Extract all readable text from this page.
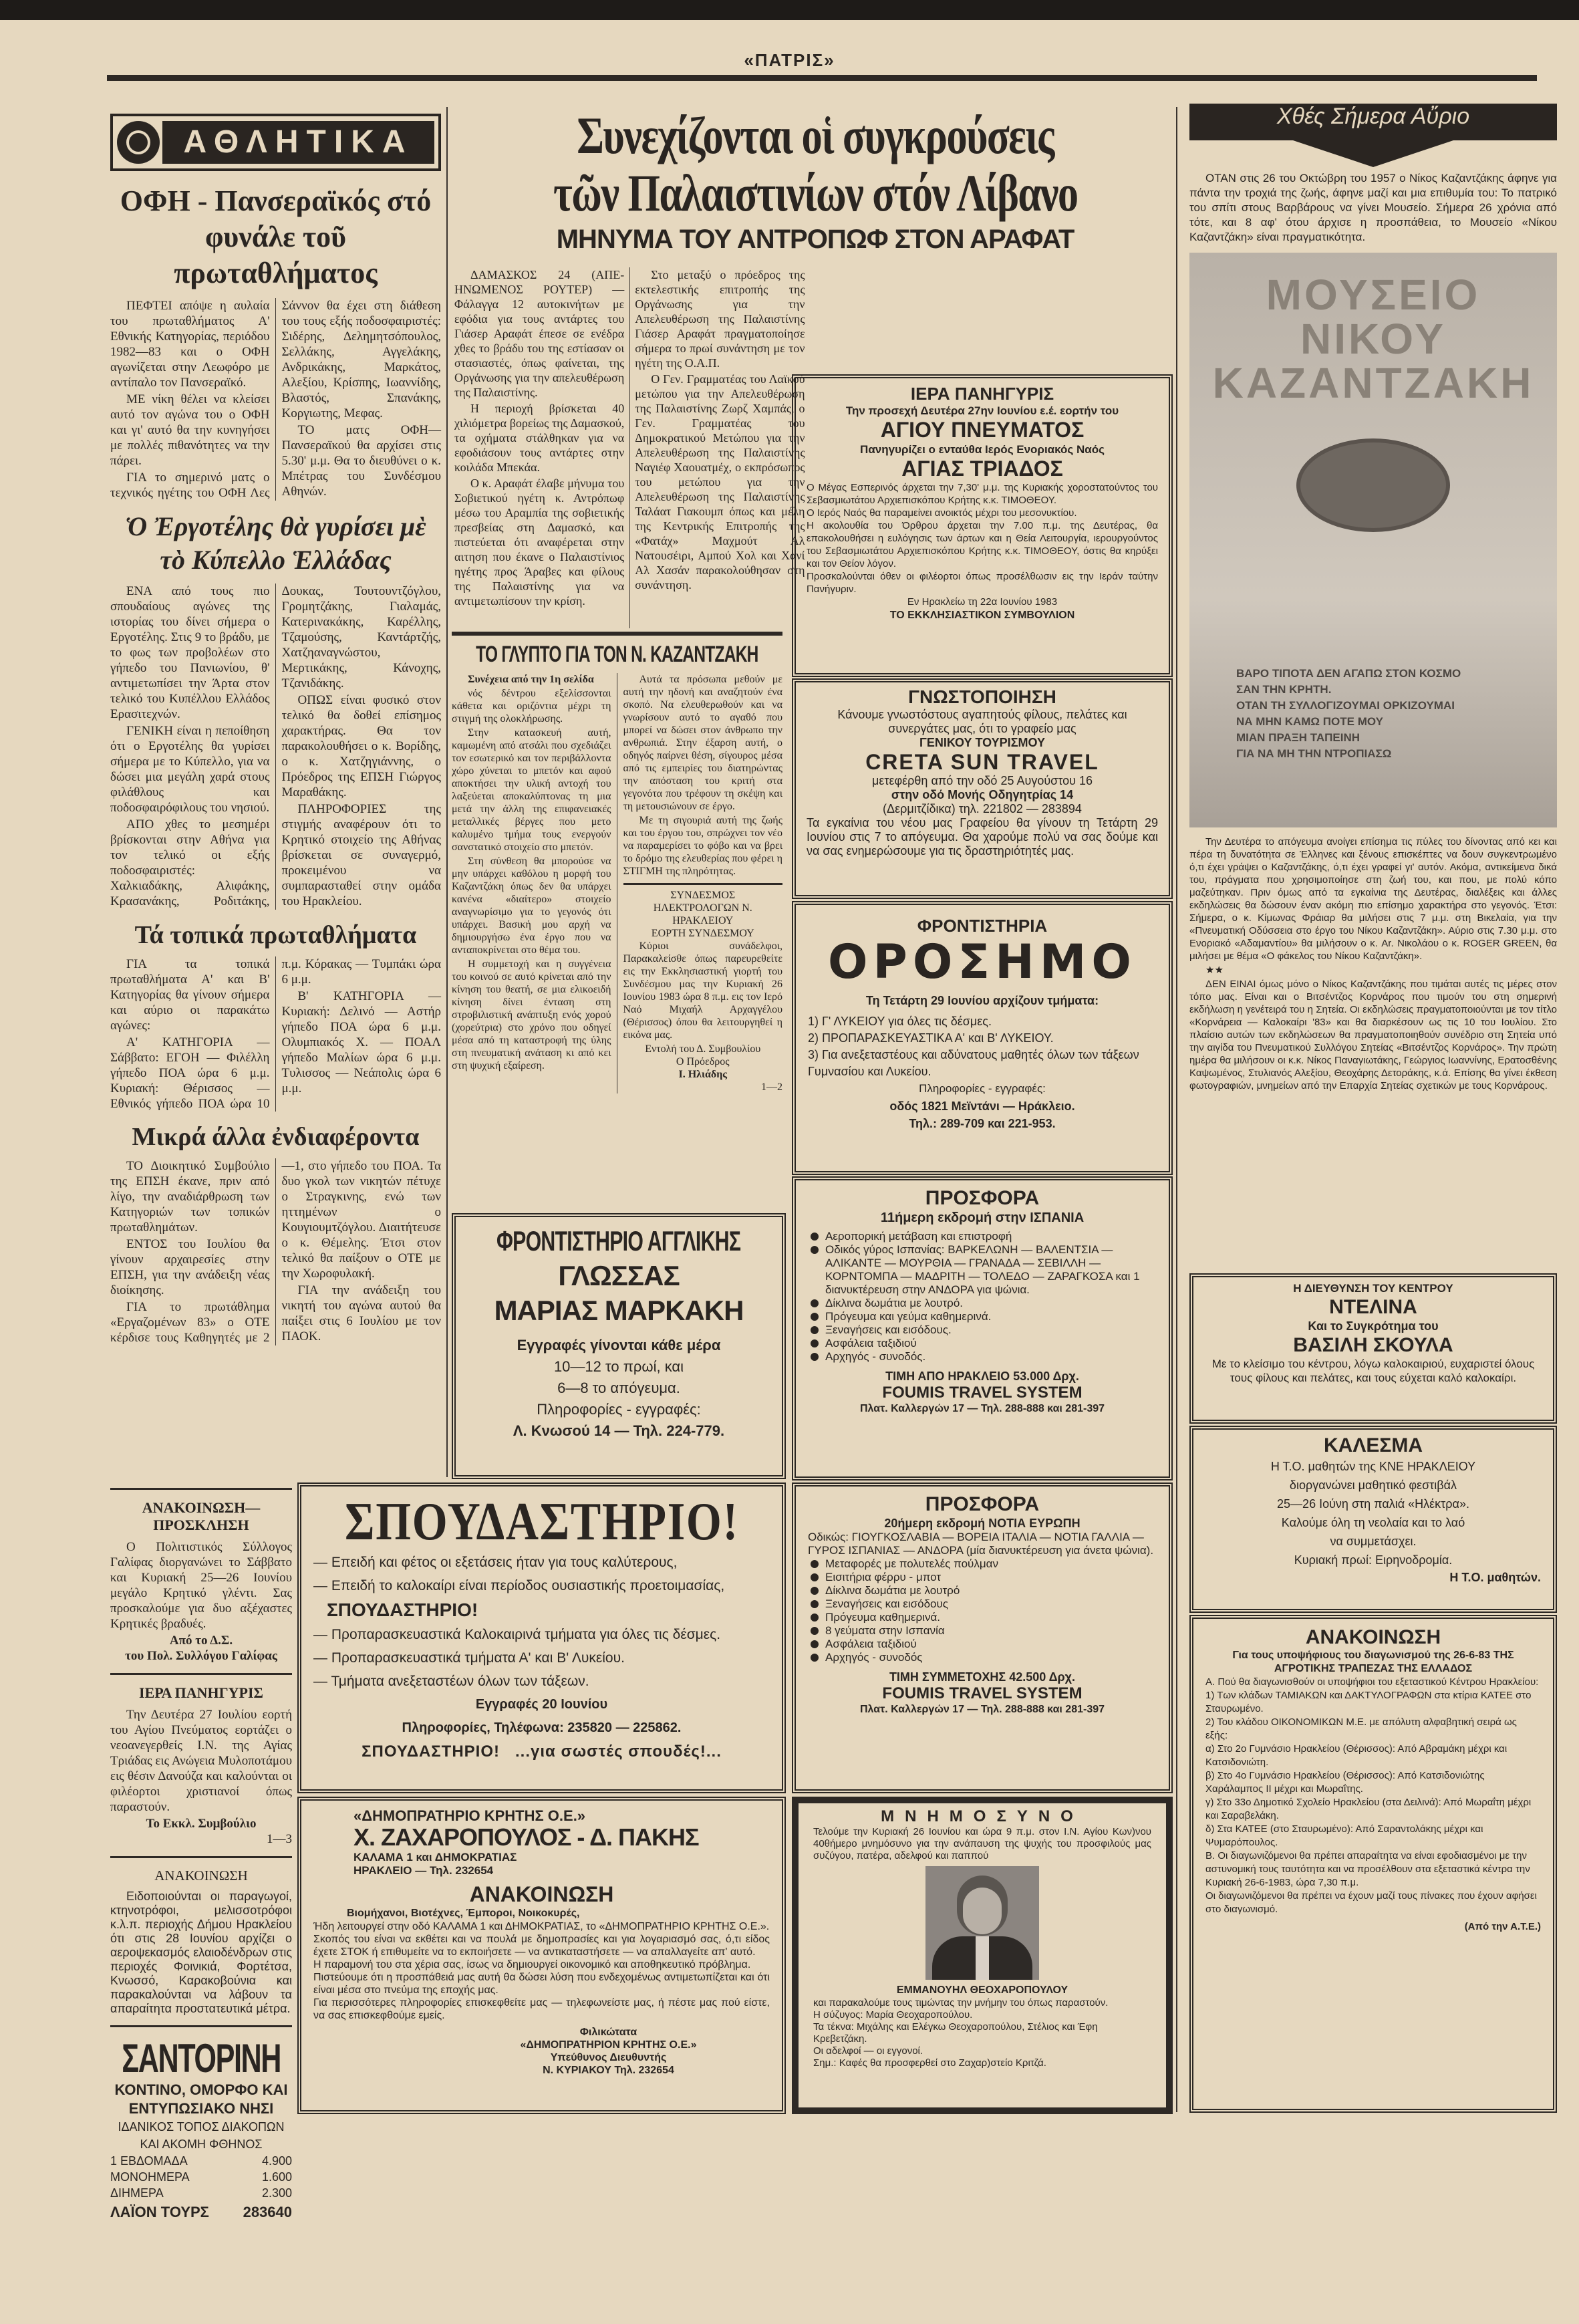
«ΠΑΤΡΙΣ»
ΑΘΛΗΤΙΚΑ
ΟΦΗ - Πανσεραϊκός στό φυνάλε τοῦ πρωταθλήματος

ΠΕΦΤΕΙ απόψε η αυλαία του πρωταθλήματος Α' Εθνικής Κατηγορίας, περιόδου 1982—83 και ο ΟΦΗ αγωνίζεται στην Λεωφόρο με αντίπαλο τον Πανσεραϊκό.

ΜΕ νίκη θέλει να κλείσει αυτό τον αγώνα του ο ΟΦΗ και γι' αυτό θα την κυνηγήσει με πολλές πιθανότητες να την πάρει.

ΓΙΑ το σημερινό ματς ο τεχνικός ηγέτης του ΟΦΗ Λες Σάννον θα έχει στη διάθεση του τους εξής ποδοσφαιριστές: Σιδέρης, Δελημητσόπουλος, Σελλάκης, Αγγελάκης, Ανδρικάκης, Μαρκάτος, Αλεξίου, Κρίσπης, Ιωαννίδης, Βλαστός, Σπανάκης, Κοργιωτης, Μεφας.

ΤΟ ματς ΟΦΗ—Πανσεραϊκού θα αρχίσει στις 5.30' μ.μ. Θα το διευθύνει ο κ. Μπέτρας του Συνδέσμου Αθηνών.

Ὁ Ἐργοτέλης θὰ γυρίσει μὲ τὸ Κύπελλο Ἑλλάδας

ΕΝΑ από τους πιο σπουδαίους αγώνες της ιστορίας του δίνει σήμερα ο Εργοτέλης. Στις 9 το βράδυ, με το φως των προβολέων στο γήπεδο του Πανιωνίου, θ' αντιμετωπίσει την Άρτα στον τελικό του Κυπέλλου Ελλάδος Ερασιτεχνών.

ΓΕΝΙΚΗ είναι η πεποίθηση ότι ο Εργοτέλης θα γυρίσει σήμερα με το Κύπελλο, για να δώσει μια μεγάλη χαρά στους φιλάθλους και ποδοσφαιρόφιλους του νησιού.

ΑΠΟ χθες το μεσημέρι βρίσκονται στην Αθήνα για τον τελικό οι εξής ποδοσφαιριστές: Χαλκιαδάκης, Αλιφάκης, Κρασανάκης, Ροδιτάκης, Δουκας, Τουτουντζόγλου, Γρομητζάκης, Γιαλαμάς, Κατερινακάκης, Καρέλλης, Τζαμούσης, Καντάρτζής, Χατζηαναγνώστου, Μερτικάκης, Κάνοχης, Τζανιδάκης.

ΟΠΩΣ είναι φυσικό στον τελικό θα δοθεί επίσημος χαρακτήρας. Θα τον παρακολουθήσει ο κ. Βορίδης, ο κ. Χατζηγιάννης, ο Πρόεδρος της ΕΠΣΗ Γιώργος Μαραθάκης.

ΠΛΗΡΟΦΟΡΙΕΣ της στιγμής αναφέρουν ότι το Κρητικό στοιχείο της Αθήνας βρίσκεται σε συναγερμό, προκειμένου να συμπαρασταθεί στην ομάδα του Ηρακλείου.

Τά τοπικά πρωταθλήματα

ΓΙΑ τα τοπικά πρωταθλήματα Α' και Β' Κατηγορίας θα γίνουν σήμερα και αύριο οι παρακάτω αγώνες:

Α' ΚΑΤΗΓΟΡΙΑ — Σάββατο: ΕΓΟΗ — Φιλέλλη γήπεδο ΠΟΑ ώρα 6 μ.μ. Κυριακή: Θέρισσος — Εθνικός γήπεδο ΠΟΑ ώρα 10 π.μ. Κόρακας — Τυμπάκι ώρα 6 μ.μ.

Β' ΚΑΤΗΓΟΡΙΑ — Κυριακή: Δελινό — Αστήρ γήπεδο ΠΟΑ ώρα 6 μ.μ. Ολυμπιακός Χ. — ΠΟΑΛ γήπεδο Μαλίων ώρα 6 μ.μ. Τυλισσος — Νεάπολις ώρα 6 μ.μ.

Μικρά άλλα ἐνδιαφέροντα

ΤΟ Διοικητικό Συμβούλιο της ΕΠΣΗ έκανε, πριν από λίγο, την αναδιάρθρωση των Κατηγοριών των τοπικών πρωταθλημάτων.

ΕΝΤΟΣ του Ιουλίου θα γίνουν αρχαιρεσίες στην ΕΠΣΗ, για την ανάδειξη νέας διοίκησης.

ΓΙΑ το πρωτάθλημα «Εργαζομένων 83» ο ΟΤΕ κέρδισε τους Καθηγητές με 2—1, στο γήπεδο του ΠΟΑ. Τα δυο γκολ των νικητών πέτυχε ο Στραγκινης, ενώ των ηττημένων ο Κουγιουμτζόγλου. Διαιτήτευσε ο κ. Θέμελης. Έτσι στον τελικό θα παίξουν ο ΟΤΕ με την Χωροφυλακή.

ΓΙΑ την ανάδειξη του νικητή του αγώνα αυτού θα παίξει στις 6 Ιουλίου με τον ΠΑΟΚ.

ΑΝΑΚΟΙΝΩΣΗ— ΠΡΟΣΚΛΗΣΗ

Ο Πολιτιστικός Σύλλογος Γαλίφας διοργανώνει το Σάββατο και Κυριακή 25—26 Ιουνίου μεγάλο Κρητικό γλέντι. Σας προσκαλούμε για δυο αξέχαστες Κρητικές βραδυές.

Από το Δ.Σ.
του Πολ. Συλλόγου Γαλίφας
ΙΕΡΑ ΠΑΝΗΓΥΡΙΣ

Την Δευτέρα 27 Ιουλίου εορτή του Αγίου Πνεύματος εορτάζει ο νεοανεγερθείς Ι.Ν. της Αγίας Τριάδας εις Ανώγεια Μυλοποτάμου εις θέσιν Δανούζα και καλούνται οι φιλέορτοι χριστιανοί όπως παραστούν.

Το Εκκλ. Συμβούλιο
1—3
ΑΝΑΚΟΙΝΩΣΗ

Ειδοποιούνται οι παραγωγοί, κτηνοτρόφοι, μελισσοτρόφοι κ.λ.π. περιοχής Δήμου Ηρακλείου ότι στις 28 Ιουνίου αρχίζει ο αεροψεκασμός ελαιοδένδρων στις περιοχές Φοινικιά, Φορτέτσα, Κνωσσό, Καρακοβούνια και παρακαλούνται να λάβουν τα απαραίτητα προστατευτικά μέτρα.

ΣΑΝΤΟΡΙΝΗ
ΚΟΝΤΙΝΟ, ΟΜΟΡΦΟ ΚΑΙ
ΕΝΤΥΠΩΣΙΑΚΟ ΝΗΣΙ
ΙΔΑΝΙΚΟΣ ΤΟΠΟΣ ΔΙΑΚΟΠΩΝ
ΚΑΙ ΑΚΟΜΗ ΦΘΗΝΟΣ
1 ΕΒΔΟΜΑΔΑ	4.900
ΜΟΝΟΗΜΕΡΑ	1.600
ΔΙΗΜΕΡΑ	2.300
ΛΑΪΟΝ ΤΟΥΡΣ 283640
Συνεχίζονται οἱ συγκρούσεις
τῶν Παλαιστινίων στόν Λίβανο
ΜΗΝΥΜΑ ΤΟΥ ΑΝΤΡΟΠΩΦ ΣΤΟΝ ΑΡΑΦΑΤ

ΔΑΜΑΣΚΟΣ 24 (ΑΠΕ-ΗΝΩΜΕΝΟΣ ΡΟΥΤΕΡ) — Φάλαγγα 12 αυτοκινήτων με εφόδια για τους αντάρτες του Γιάσερ Αραφάτ έπεσε σε ενέδρα χθες το βράδυ του της εστίασαν οι στασιαστές, όπως φαίνεται, της Οργάνωσης για την απελευθέρωση της Παλαιστίνης.

Η περιοχή βρίσκεται 40 χιλιόμετρα βορείως της Δαμασκού, τα οχήματα στάλθηκαν για να εφοδιάσουν τους αντάρτες στην κοιλάδα Μπεκάα.

Ο κ. Αραφάτ έλαβε μήνυμα του Σοβιετικού ηγέτη κ. Αντρόπωφ μέσω του Αραμπία της σοβιετικής πρεσβείας στη Δαμασκό, και πιστεύεται ότι αναφέρεται στην αιτηση που έκανε ο Παλαιστίνιος ηγέτης προς Άραβες και φίλους της Παλαιστίνης για να αντιμετωπίσουν την κρίση.

Στο μεταξύ ο πρόεδρος της εκτελεστικής επιτροπής της Οργάνωσης για την Απελευθέρωση της Παλαιστίνης Γιάσερ Αραφάτ πραγματοποίησε σήμερα το πρωί συνάντηση με τον ηγέτη της Ο.Α.Π.

Ο Γεν. Γραμματέας του Λαϊκού μετώπου για την Απελευθέρωση της Παλαιστίνης Ζωρζ Χαμπάς, ο Γεν. Γραμματέας του Δημοκρατικού Μετώπου για την Απελευθέρωση της Παλαιστίνης Ναγιέφ Χαουατμέχ, ο εκπρόσωπος του μετώπου για την Απελευθέρωση της Παλαιστίνης Ταλάατ Γιακουμπ όπως και μέλη της Κεντρικής Επιτροπής της «Φατάχ» Μαχμούτ Αλ Νατουσέιρι, Αμπού Χολ και Χανί Αλ Χασάν παρακολούθησαν στη συνάντηση.

ΤΟ ΓΛΥΠΤΟ ΓΙΑ ΤΟΝ Ν. ΚΑΖΑΝΤΖΑΚΗ

Συνέχεια από την 1η σελίδα

νός δέντρου εξελίσσονται κάθετα και οριζόντια μέχρι τη στιγμή της ολοκλήρωσης.

Στην κατασκευή αυτή, καμωμένη από ατσάλι που σχεδιάζει τον εσωτερικό και τον περιβάλλοντα χώρο χύνεται το μπετόν και αφού αποκτήσει την υλική αντοχή του λαξεύεται αποκαλύπτονας τη μια μετά την άλλη της επιφανειακές μεταλλικές βέργες που μετο καλυμένο τμήμα τους ενεργούν σανστατικό στοιχείο στο μπετόν.

Στη σύνθεση θα μπορούσε να μην υπάρχει καθόλου η μορφή του Καζαντζάκη όπως δεν θα υπάρχει κανένα «διαίτερο» στοιχείο αναγνωρίσιμο για το γεγονός ότι υπάρχει. Βασική μου αρχή να δημιουργήσω ένα έργο που να ανταποκρίνεται στο θέμα του.

Η συμμετοχή και η συγγένεια του κοινού σε αυτό κρίνεται από την κίνηση του θεατή, σε μια ελικοειδή κίνηση δίνει ένταση στη στροβιλιστική ανάπτυξη ενός χορού (χορεύτρια) στο χρόνο που οδηγεί μέσα από τη καταστροφή της ύλης στη πνευματική ανάταση κι από κει στη ψυχική εξαίρεση.

Αυτά τα πρόσωπα μεθούν με αυτή την ηδονή και αναζητούν ένα σκοπό. Να ελευθερωθούν και να γνωρίσουν αυτό το αγαθό που μπορεί να δώσει στον άνθρωπο την ανθρωπιά. Στην έξαρση αυτή, ο οδηγός παίρνει θέση, σίγουρος μέσα από τις εμπειρίες του διατηρώντας την απόσταση του κριτή στα γεγονότα που τρέφουν τη σκέψη και τη μετουσιώνουν σε έργο.

Με τη σιγουριά αυτή της ζωής και του έργου του, σπρώχνει τον νέο να παραμερίσει το φόβο και να βρει το δρόμο της ελευθερίας που φέρει η ΣΤΙΓΜΗ της πληρότητας.

ΣΥΝΔΕΣΜΟΣ
ΗΛΕΚΤΡΟΛΟΓΩΝ Ν. ΗΡΑΚΛΕΙΟΥ
ΕΟΡΤΗ ΣΥΝΔΕΣΜΟΥ

Κύριοι συνάδελφοι, Παρακαλείσθε όπως παρευρεθείτε εις την Εκκλησιαστική γιορτή του Συνδέσμου μας την Κυριακή 26 Ιουνίου 1983 ώρα 8 π.μ. εις τον Ιερό Ναό Μιχαήλ Αρχαγγέλου (Θέρισσος) όπου θα λειτουργηθεί η εικόνα μας.

Εντολή του Δ. Συμβουλίου
Ο Πρόεδρος
Ι. Ηλιάδης
1—2
ΦΡΟΝΤΙΣΤΗΡΙΟ ΑΓΓΛΙΚΗΣ
ΓΛΩΣΣΑΣ
ΜΑΡΙΑΣ ΜΑΡΚΑΚΗ
Εγγραφές γίνονται κάθε μέρα
10—12 το πρωί, και
6—8 το απόγευμα.
Πληροφορίες - εγγραφές:
Λ. Κνωσού 14 — Τηλ. 224-779.
ΣΠΟΥΔΑΣΤΗΡΙΟ!
— Επειδή και φέτος οι εξετάσεις ήταν για τους καλύτερους,
— Επειδή το καλοκαίρι είναι περίοδος ουσιαστικής προετοιμασίας,
ΣΠΟΥΔΑΣΤΗΡΙΟ!
— Προπαρασκευαστικά Καλοκαιρινά τμήματα για όλες τις δέσμες.
— Προπαρασκευαστικά τμήματα Α' και Β' Λυκείου.
— Τμήματα ανεξεταστέων όλων των τάξεων.
Εγγραφές 20 Ιουνίου
Πληροφορίες, Τηλέφωνα: 235820 — 225862.
ΣΠΟΥΔΑΣΤΗΡΙΟ! ...για σωστές σπουδές!...
«ΔΗΜΟΠΡΑΤΗΡΙΟ ΚΡΗΤΗΣ Ο.Ε.»
Χ. ΖΑΧΑΡΟΠΟΥΛΟΣ - Δ. ΠΑΚΗΣ
ΚΑΛΑΜΑ 1 και ΔΗΜΟΚΡΑΤΙΑΣ
ΗΡΑΚΛΕΙΟ — Τηλ. 232654
ΑΝΑΚΟΙΝΩΣΗ
Βιομήχανοι, Βιοτέχνες, Έμποροι, Νοικοκυρές,

Ήδη λειτουργεί στην οδό ΚΑΛΑΜΑ 1 και ΔΗΜΟΚΡΑΤΙΑΣ, το «ΔΗΜΟΠΡΑΤΗΡΙΟ ΚΡΗΤΗΣ Ο.Ε.».

Σκοπός του είναι να εκθέτει και να πουλά με δημοπρασίες και για λογαριασμό σας, ό,τι είδος έχετε ΣΤΟΚ ή επιθυμείτε να το εκποιήσετε — να αντικαταστήσετε — να απαλλαγείτε απ' αυτό.

Η παραμονή του στα χέρια σας, ίσως να δημιουργεί οικονομικό και αποθηκευτικό πρόβλημα.

Πιστεύουμε ότι η προσπάθειά μας αυτή θα δώσει λύση που ενδεχομένως αντιμετωπίζεται και ότι είναι μέσα στο πνεύμα της εποχής μας.

Για περισσότερες πληροφορίες επισκεφθείτε μας — τηλεφωνείστε μας, ή πέστε μας πού είστε, να σας επισκεφθούμε εμείς.

Φιλικώτατα
«ΔΗΜΟΠΡΑΤΗΡΙΟΝ ΚΡΗΤΗΣ Ο.Ε.»
Υπεύθυνος Διευθυντής
Ν. ΚΥΡΙΑΚΟΥ Τηλ. 232654
ΙΕΡΑ ΠΑΝΗΓΥΡΙΣ
Την προσεχή Δευτέρα 27ην Ιουνίου ε.έ. εορτήν του
ΑΓΙΟΥ ΠΝΕΥΜΑΤΟΣ
Πανηγυρίζει ο ενταύθα Ιερός Ενοριακός Ναός
ΑΓΙΑΣ ΤΡΙΑΔΟΣ

Ο Μέγας Εσπερινός άρχεται την 7,30' μ.μ. της Κυριακής χοροστατούντος του Σεβασμιωτάτου Αρχιεπισκόπου Κρήτης κ.κ. ΤΙΜΟΘΕΟΥ.

Ο Ιερός Ναός θα παραμείνει ανοικτός μέχρι του μεσονυκτίου.

Η ακολουθία του Όρθρου άρχεται την 7.00 π.μ. της Δευτέρας, θα επακολουθήσει η ευλόγησις των άρτων και η Θεία Λειτουργία, ιερουργούντος του Σεβασμιωτάτου Αρχιεπισκόπου Κρήτης κ.κ. ΤΙΜΟΘΕΟΥ, όστις θα κηρύξει και τον Θείον λόγον.

Προσκαλούνται όθεν οι φιλέορτοι όπως προσέλθωσιν εις την Ιεράν ταύτην Πανήγυριν.

Εν Ηρακλείω τη 22α Ιουνίου 1983
ΤΟ ΕΚΚΛΗΣΙΑΣΤΙΚΟΝ ΣΥΜΒΟΥΛΙΟΝ
ΓΝΩΣΤΟΠΟΙΗΣΗ
Κάνουμε γνωστόστους αγαπητούς φίλους, πελάτες και συνεργάτες μας, ότι το γραφείο μας
ΓΕΝΙΚΟΥ ΤΟΥΡΙΣΜΟΥ
CRETA SUN TRAVEL
μετεφέρθη από την οδό 25 Αυγούστου 16
στην οδό Μονής Οδηγητρίας 14
(Δερμιτζίδικα) τηλ. 221802 — 283894
Τα εγκαίνια του νέου μας Γραφείου θα γίνουν τη Τετάρτη 29 Ιουνίου στις 7 το απόγευμα. Θα χαρούμε πολύ να σας δούμε και να σας ενημερώσουμε για τις δραστηριότητές μας.
ΦΡΟΝΤΙΣΤΗΡΙΑ
ΟΡΟΣΗΜΟ
Τη Τετάρτη 29 Ιουνίου αρχίζουν τμήματα:

1) Γ' ΛΥΚΕΙΟΥ για όλες τις δέσμες.

2) ΠΡΟΠΑΡΑΣΚΕΥΑΣΤΙΚΑ Α' και Β' ΛΥΚΕΙΟΥ.

3) Για ανεξεταστέους και αδύνατους μαθητές όλων των τάξεων Γυμνασίου και Λυκείου.

Πληροφορίες - εγγραφές:
οδός 1821 Μεϊντάνι — Ηράκλειο.
Τηλ.: 289-709 και 221-953.
ΠΡΟΣΦΟΡΑ
11ήμερη εκδρομή στην ΙΣΠΑΝΙΑ
Αεροπορική μετάβαση και επιστροφή
Οδικός γύρος Ισπανίας: ΒΑΡΚΕΛΩΝΗ — ΒΑΛΕΝΤΣΙΑ — ΑΛΙΚΑΝΤΕ — ΜΟΥΡΘΙΑ — ΓΡΑΝΑΔΑ — ΣΕΒΙΛΛΗ — ΚΟΡΝΤΟΜΠΑ — ΜΑΔΡΙΤΗ — ΤΟΛΕΔΟ — ΖΑΡΑΓΚΟΣΑ και 1 διανυκτέρευση στην ΑΝΔΟΡΑ για ψώνια.
Δίκλινα δωμάτια με λουτρό.
Πρόγευμα και γεύμα καθημερινά.
Ξεναγήσεις και εισόδους.
Ασφάλεια ταξιδιού
Αρχηγός - συνοδός.
ΤΙΜΗ ΑΠΟ ΗΡΑΚΛΕΙΟ 53.000 Δρχ.
FOUMIS TRAVEL SYSTEM
Πλατ. Καλλεργών 17 — Τηλ. 288-888 και 281-397
ΠΡΟΣΦΟΡΑ
20ήμερη εκδρομή ΝΟΤΙΑ ΕΥΡΩΠΗ
Οδικώς: ΓΙΟΥΓΚΟΣΛΑΒΙΑ — ΒΟΡΕΙΑ ΙΤΑΛΙΑ — ΝΟΤΙΑ ΓΑΛΛΙΑ — ΓΥΡΟΣ ΙΣΠΑΝΙΑΣ — ΑΝΔΟΡΑ (μία διανυκτέρευση για άνετα ψώνια).
Μεταφορές με πολυτελές πούλμαν
Εισιτήρια φέρρυ - μποτ
Δίκλινα δωμάτια με λουτρό
Ξεναγήσεις και εισόδους
Πρόγευμα καθημερινά.
8 γεύματα στην Ισπανία
Ασφάλεια ταξιδιού
Αρχηγός - συνοδός
ΤΙΜΗ ΣΥΜΜΕΤΟΧΗΣ 42.500 Δρχ.
FOUMIS TRAVEL SYSTEM
Πλατ. Καλλεργών 17 — Τηλ. 288-888 και 281-397
ΜΝΗΜΟΣΥΝΟ
Τελούμε την Κυριακή 26 Ιουνίου και ώρα 9 π.μ. στον Ι.Ν. Αγίου Κων)νου 40θήμερο μνημόσυνο για την ανάπαυση της ψυχής του προσφιλούς μας συζύγου, πατέρα, αδελφού και παππού
ΕΜΜΑΝΟΥΗΛ ΘΕΟΧΑΡΟΠΟΥΛΟΥ
και παρακαλούμε τους τιμώντας την μνήμην του όπως παραστούν.
Η σύζυγος: Μαρία Θεοχαροπούλου.
Τα τέκνα: Μιχάλης και Ελέγκω Θεοχαροπούλου, Στέλιος και Έφη Κρεβετζάκη.
Οι αδελφοί — οι εγγονοί.
Σημ.: Καφές θα προσφερθεί στο Ζαχαρ)στείο Κριτζά.
Χθές Σήμερα Αὔριο

ΟΤΑΝ στις 26 του Οκτώβρη του 1957 ο Νίκος Καζαντζάκης άφηνε για πάντα την τροχιά της ζωής, άφηνε μαζί και μια επιθυμία του: Το πατρικό του σπίτι στους Βαρβάρους να γίνει Μουσείο. Σήμερα 26 χρόνια από τότε, και 8 αφ' ότου άρχισε η προσπάθεια, το Μουσείο «Νίκου Καζαντζάκη» είναι πραγματικότητα.

ΜΟΥΣΕΙΟ
ΝΙΚΟΥ
ΚΑΖΑΝΤΖΑΚΗ
ΒΑΡΟ ΤΙΠΟΤΑ ΔΕΝ ΑΓΑΠΩ ΣΤΟΝ ΚΟΣΜΟ
ΣΑΝ ΤΗΝ ΚΡΗΤΗ.
ΟΤΑΝ ΤΗ ΣΥΛΛΟΓΙΖΟΥΜΑΙ ΟΡΚΙΖΟΥΜΑΙ
ΝΑ ΜΗΝ ΚΑΜΩ ΠΟΤΕ ΜΟΥ
ΜΙΑΝ ΠΡΑΞΗ ΤΑΠΕΙΝΗ
ΓΙΑ ΝΑ ΜΗ ΤΗΝ ΝΤΡΟΠΙΑΣΩ

Την Δευτέρα το απόγευμα ανοίγει επίσημα τις πύλες του δίνοντας από κει και πέρα τη δυνατότητα σε Έλληνες και ξένους επισκέπτες να δουν συγκεντρωμένο ό,τι έχει γράψει ο Καζαντζάκης, ό,τι έχει γραφεί γι' αυτόν. Ακόμα, αντικείμενα δικά του, πράγματα που χρησιμοποίησε στη ζωή του, και που, με πολύ κόπο μαζεύτηκαν. Πριν όμως από τα εγκαίνια της Δευτέρας, διαλέξεις και άλλες εκδηλώσεις θα δώσουν έναν ακόμη πιο επίσημο χαρακτήρα στο γεγονός. Έτσι: Σήμερα, ο κ. Κίμωνας Φράιαρ θα μιλήσει στις 7 μ.μ. στη Βικελαία, για την «Πνευματική Οδύσσεια στο έργο του Νίκου Καζαντζάκη». Αύριο στις 7.30 μ.μ. στο Ενοριακό «Αδαμαντίου» θα μιλήσουν ο κ. Ar. Νικολάου ο κ. ROGER GREEN, θα μιλήσει με θέμα «Ο φάκελος του Νίκου Καζαντζάκη».

★★

ΔΕΝ ΕΙΝΑΙ όμως μόνο ο Νίκος Καζαντζάκης που τιμάται αυτές τις μέρες στον τόπο μας. Είναι και ο Βιτσέντζος Κορνάρος που τιμούν του στη σημερινή εκδήλωση η γενέτειρά του η Σητεία. Οι εκδηλώσεις πραγματοποιούνται με τον τίτλο «Κορνάρεια — Καλοκαίρι '83» και θα διαρκέσουν ως τις 10 του Ιουλίου. Στο πλαίσιο αυτών των εκδηλώσεων θα πραγματοποιηθούν συνέδριο στη Σητεία υπό την αιγίδα του Πνευματικού Συλλόγου Σητείας «Βιτσέντζος Κορνάρος». Την πρώτη ημέρα θα μιλήσουν οι κ.κ. Νίκος Παναγιωτάκης, Γεώργιος Ιωαννίνης, Ερατοσθένης Καψωμένος, Στυλιανός Αλεξίου, Θεοχάρης Δετοράκης, κ.ά. Επίσης θα γίνει έκθεση φωτογραφιών, μνημείων από την Επαρχία Σητείας σχετικών με τους Κορνάρους.

Η ΔΙΕΥΘΥΝΣΗ ΤΟΥ ΚΕΝΤΡΟΥ
ΝΤΕΛΙΝΑ
Και το Συγκρότημα του
ΒΑΣΙΛΗ ΣΚΟΥΛΑ
Με το κλείσιμο του κέντρου, λόγω καλοκαιριού, ευχαριστεί όλους τους φίλους και πελάτες, και τους εύχεται καλό καλοκαίρι.
ΚΑΛΕΣΜΑ

Η Τ.Ο. μαθητών της ΚΝΕ ΗΡΑΚΛΕΙΟΥ

διοργανώνει μαθητικό φεστιβάλ

25—26 Ιούνη στη παλιά «Ηλέκτρα».

Καλούμε όλη τη νεολαία και το λαό

να συμμετάσχει.

Κυριακή πρωί: Ειρηνοδρομία.

Η Τ.Ο. μαθητών.
ΑΝΑΚΟΙΝΩΣΗ
Για τους υποψήφιους του διαγωνισμού της 26-6-83 ΤΗΣ ΑΓΡΟΤΙΚΗΣ ΤΡΑΠΕΖΑΣ ΤΗΣ ΕΛΛΑΔΟΣ

Α. Πού θα διαγωνισθούν οι υποψήφιοι του εξεταστικού Κέντρου Ηρακλείου:

1) Των κλάδων ΤΑΜΙΑΚΩΝ και ΔΑΚΤΥΛΟΓΡΑΦΩΝ στα κτίρια ΚΑΤΕΕ στο Σταυρωμένο.

2) Του κλάδου ΟΙΚΟΝΟΜΙΚΩΝ Μ.Ε. με απόλυτη αλφαβητική σειρά ως εξής:

α) Στο 2ο Γυμνάσιο Ηρακλείου (Θέρισσος): Από Αβραμάκη μέχρι και Κατσιδονιώτη.

β) Στο 4ο Γυμνάσιο Ηρακλείου (Θέρισσος): Από Κατσιδονιώτης Χαράλαμπος ΙΙ μέχρι και Μωραΐτης.

γ) Στο 33ο Δημοτικό Σχολείο Ηρακλείου (στα Δειλινά): Από Μωραΐτη μέχρι και Σαραβελάκη.

δ) Στα ΚΑΤΕΕ (στο Σταυρωμένο): Από Σαραντολάκης μέχρι και Ψυμαρόπουλος.

Β. Οι διαγωνιζόμενοι θα πρέπει απαραίτητα να είναι εφοδιασμένοι με την αστυνομική τους ταυτότητα και να προσέλθουν στα εξεταστικά κέντρα την Κυριακή 26-6-1983, ώρα 7,30 π.μ.

Οι διαγωνιζόμενοι θα πρέπει να έχουν μαζί τους πίνακες που έχουν αφήσει στο διαγωνισμό.

(Από την Α.Τ.Ε.)
